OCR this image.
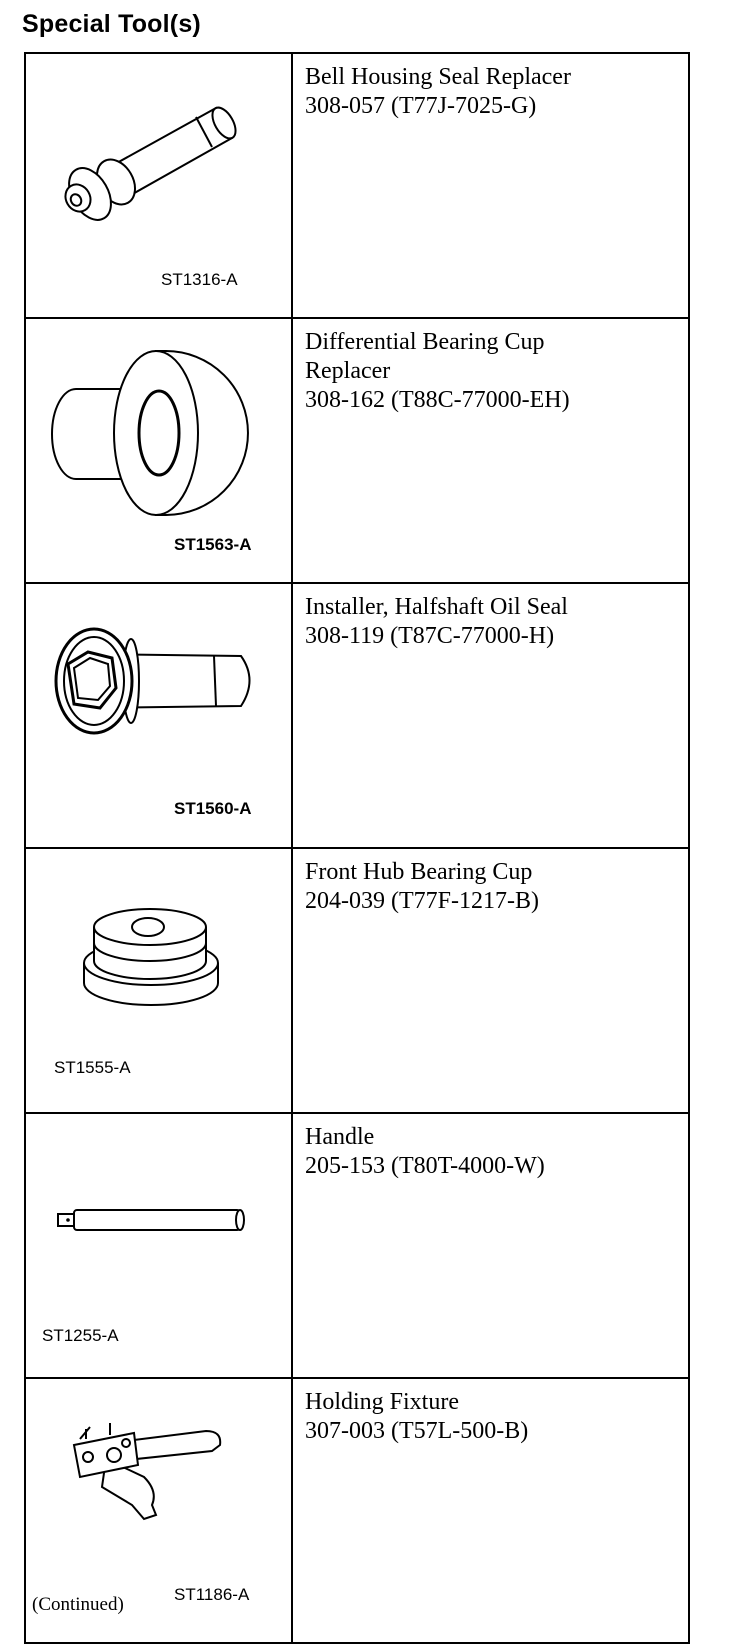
Special Tool(s)
ST1316-A	Bell Housing Seal Replacer
308-057 (T77J-7025-G)

ST1563-A	Differential Bearing Cup
Replacer
308-162 (T88C-77000-EH)

ST1560-A	Installer, Halfshaft Oil Seal
308-119 (T87C-77000-H)

ST1555-A	Front Hub Bearing Cup
204-039 (T77F-1217-B)

ST1255-A	Handle
205-153 (T80T-4000-W)

ST1186-A	Holding Fixture
307-003 (T57L-500-B)
(Continued)
